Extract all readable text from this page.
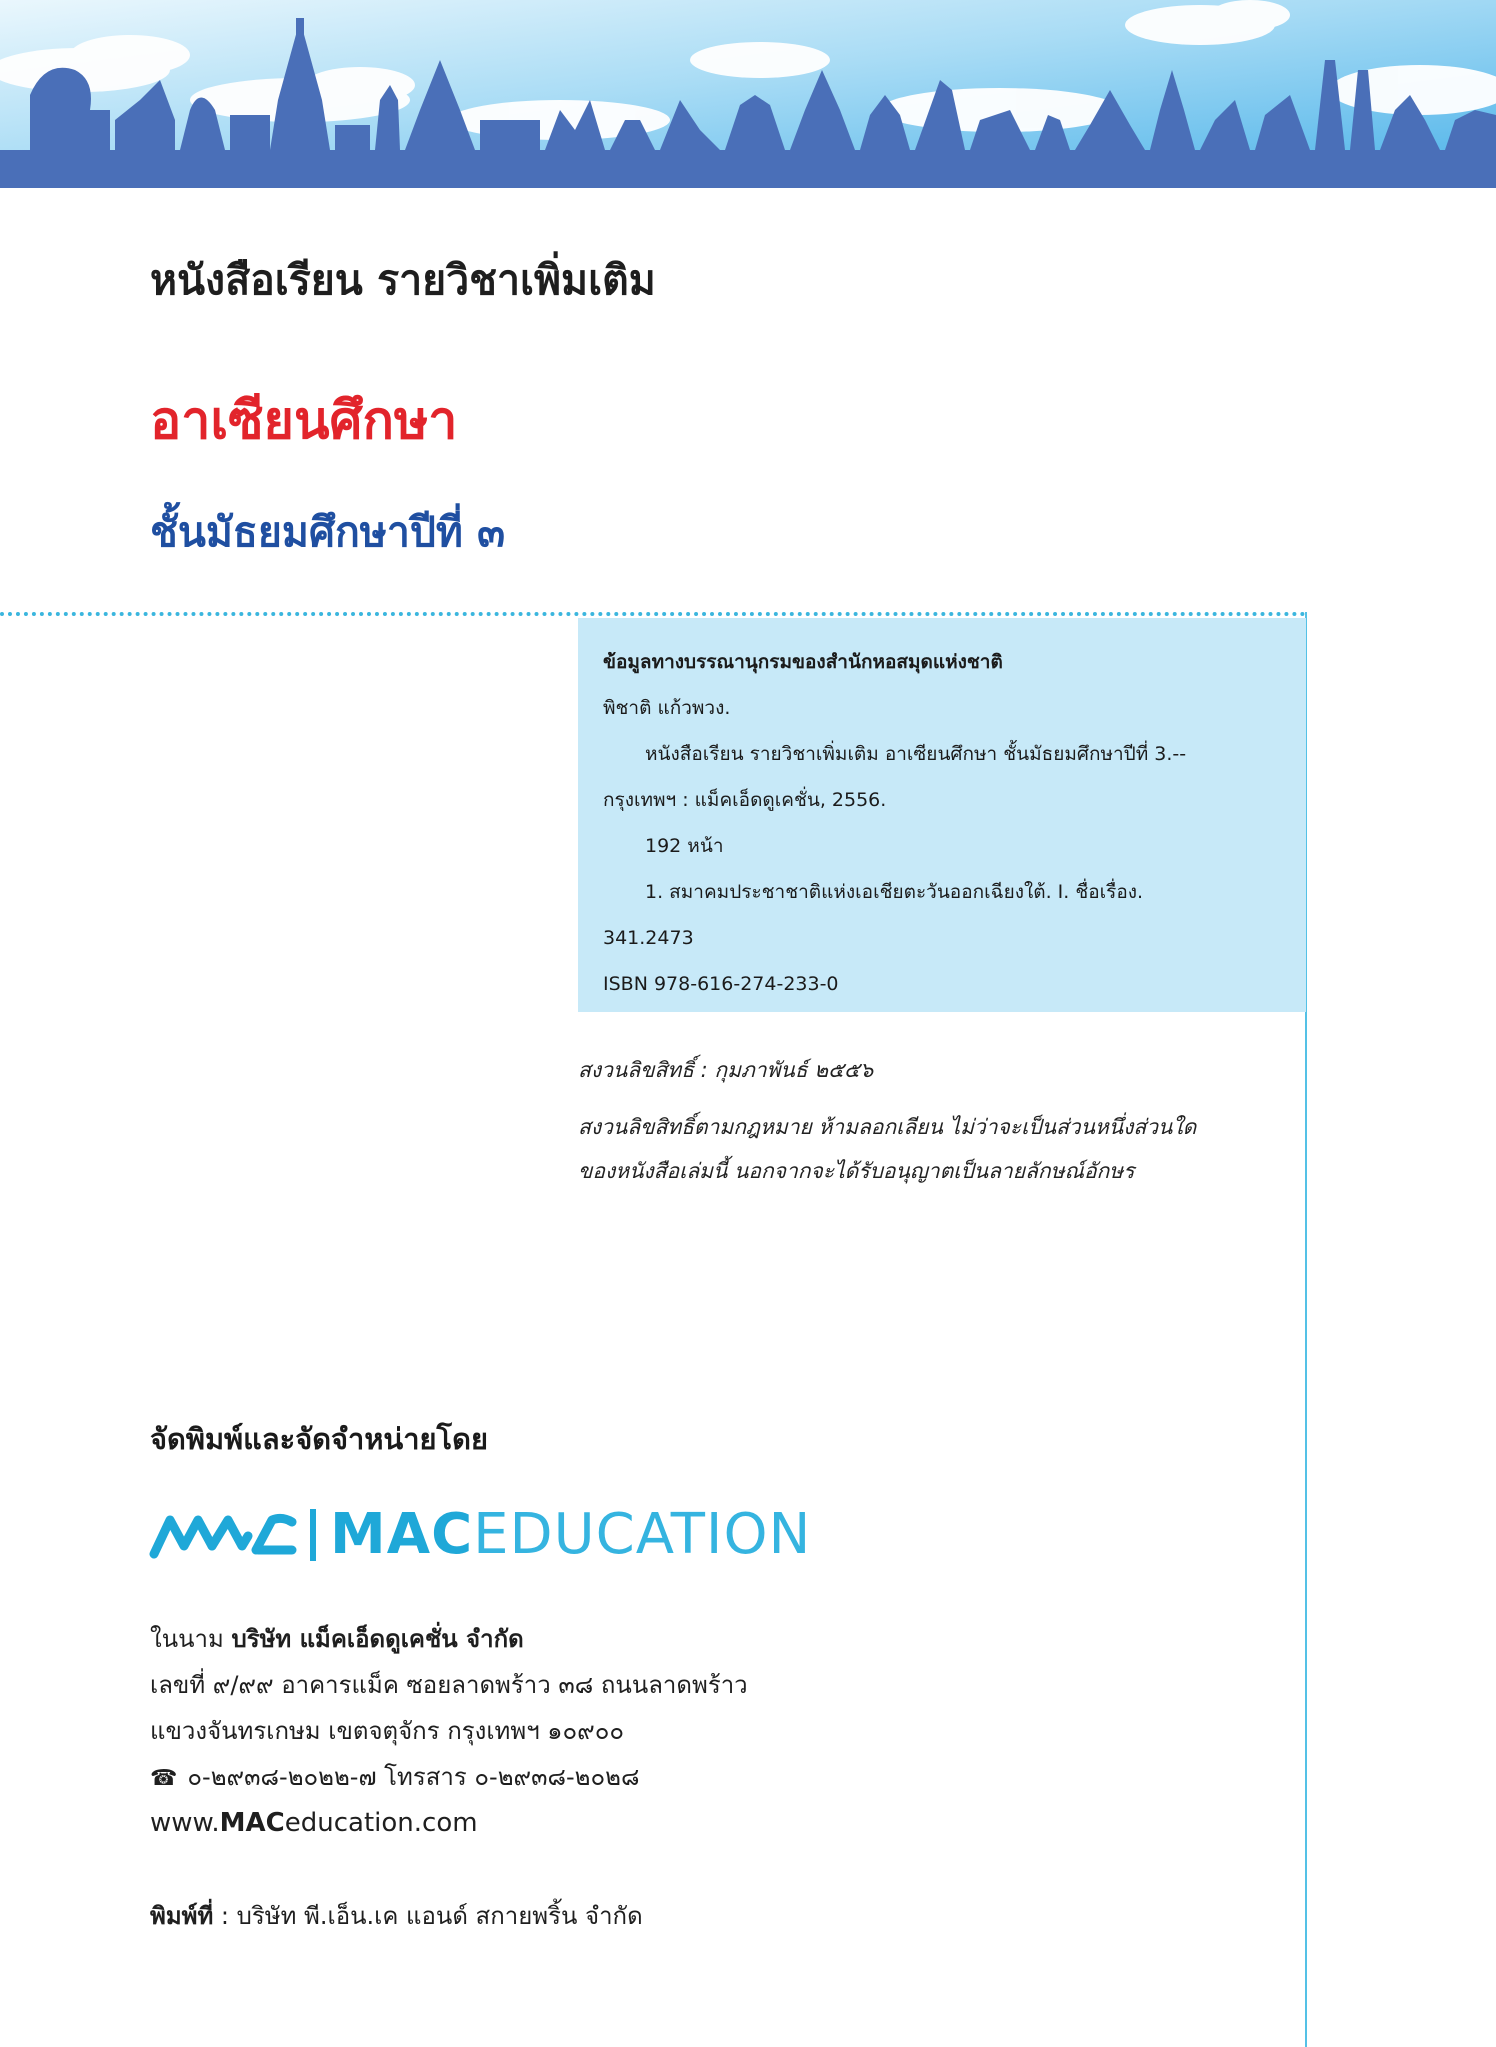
หนังสือเรียน รายวิชาเพิ่มเติม
อาเซียนศึกษา
ชั้นมัธยมศึกษาปีที่ ๓
ข้อมูลทางบรรณานุกรมของสำนักหอสมุดแห่งชาติ
พิชาติ แก้วพวง.
หนังสือเรียน รายวิชาเพิ่มเติม อาเซียนศึกษา ชั้นมัธยมศึกษาปีที่ 3.--
กรุงเทพฯ : แม็คเอ็ดดูเคชั่น, 2556.
192 หน้า
1. สมาคมประชาชาติแห่งเอเชียตะวันออกเฉียงใต้. I. ชื่อเรื่อง.
341.2473
ISBN 978-616-274-233-0
สงวนลิขสิทธิ์ : กุมภาพันธ์ ๒๕๕๖
สงวนลิขสิทธิ์ตามกฎหมาย ห้ามลอกเลียน ไม่ว่าจะเป็นส่วนหนึ่งส่วนใด
ของหนังสือเล่มนี้ นอกจากจะได้รับอนุญาตเป็นลายลักษณ์อักษร
จัดพิมพ์และจัดจำหน่ายโดย
MACEDUCATION
ในนาม บริษัท แม็คเอ็ดดูเคชั่น จำกัด
เลขที่ ๙/๙๙ อาคารแม็ค ซอยลาดพร้าว ๓๘ ถนนลาดพร้าว
แขวงจันทรเกษม เขตจตุจักร กรุงเทพฯ ๑๐๙๐๐
☎ ๐-๒๙๓๘-๒๐๒๒-๗ โทรสาร ๐-๒๙๓๘-๒๐๒๘
www.MACeducation.com
พิมพ์ที่ : บริษัท พี.เอ็น.เค แอนด์ สกายพริ้น จำกัด
